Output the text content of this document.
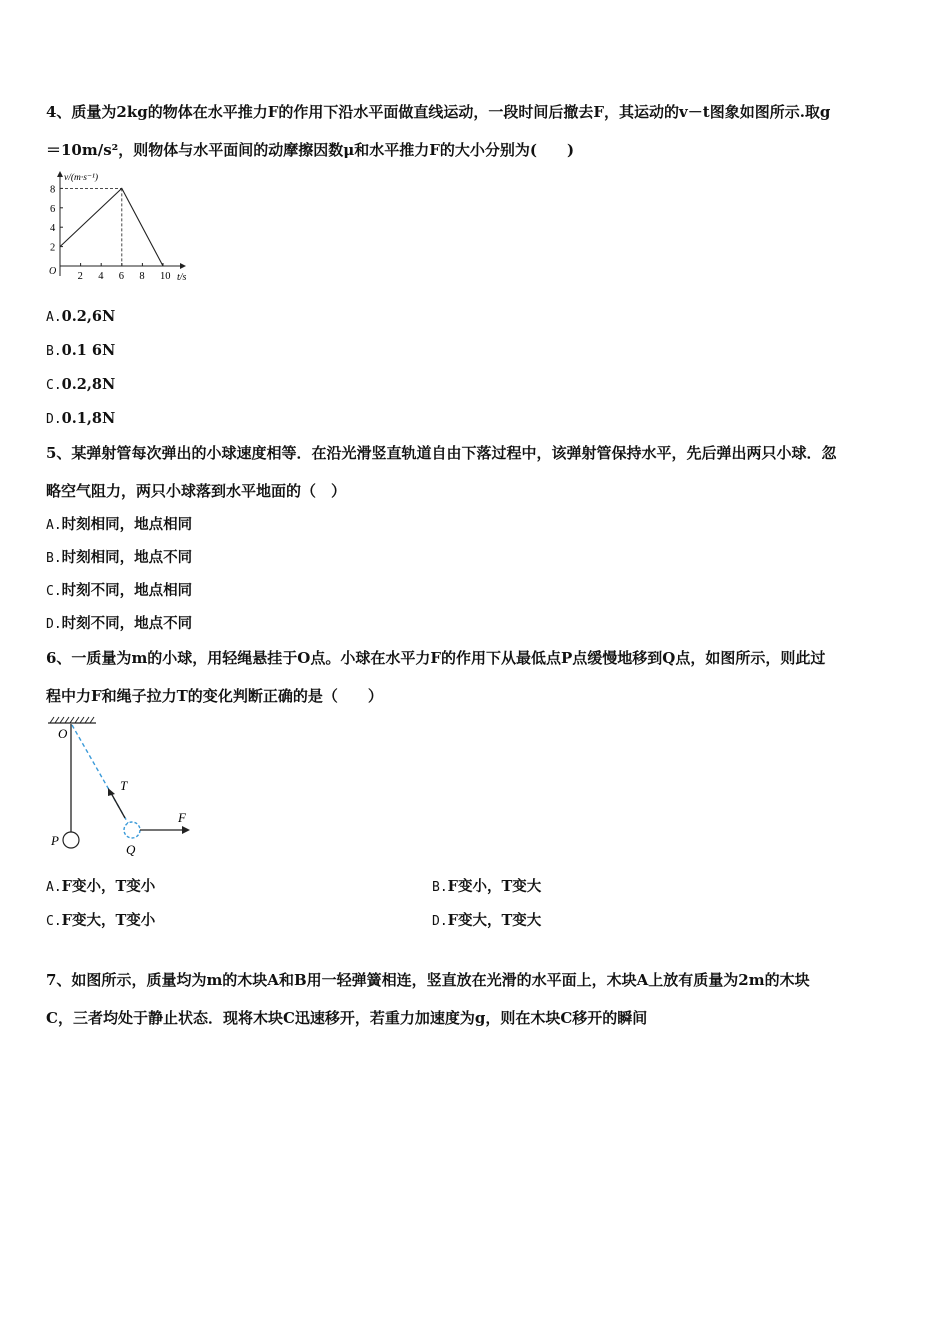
4、质量为2kg的物体在水平推力F的作用下沿水平面做直线运动，一段时间后撤去F，其运动的v－t图象如图所示.取g
＝10m/s²，则物体与水平面间的动摩擦因数μ和水平推力F的大小分别为(　　)
v/(m·s⁻¹)
t/s
O 2 4 6 8 10
2
4
6
8
A.0.2,6N
B.0.1 6N
C.0.2,8N
D.0.1,8N
5、某弹射管每次弹出的小球速度相等．在沿光滑竖直轨道自由下落过程中，该弹射管保持水平，先后弹出两只小球．忽
略空气阻力，两只小球落到水平地面的（　）
A.时刻相同，地点相同
B.时刻相同，地点不同
C.时刻不同，地点相同
D.时刻不同，地点不同
6、一质量为m的小球，用轻绳悬挂于O点。小球在水平力F的作用下从最低点P点缓慢地移到Q点，如图所示，则此过
程中力F和绳子拉力T的变化判断正确的是（　　）
O
P
Q
T
F
A.F变小，T变小	B.F变小，T变大
C.F变大，T变小	D.F变大，T变大
7、如图所示，质量均为m的木块A和B用一轻弹簧相连，竖直放在光滑的水平面上，木块A上放有质量为2m的木块
C，三者均处于静止状态．现将木块C迅速移开，若重力加速度为g，则在木块C移开的瞬间
